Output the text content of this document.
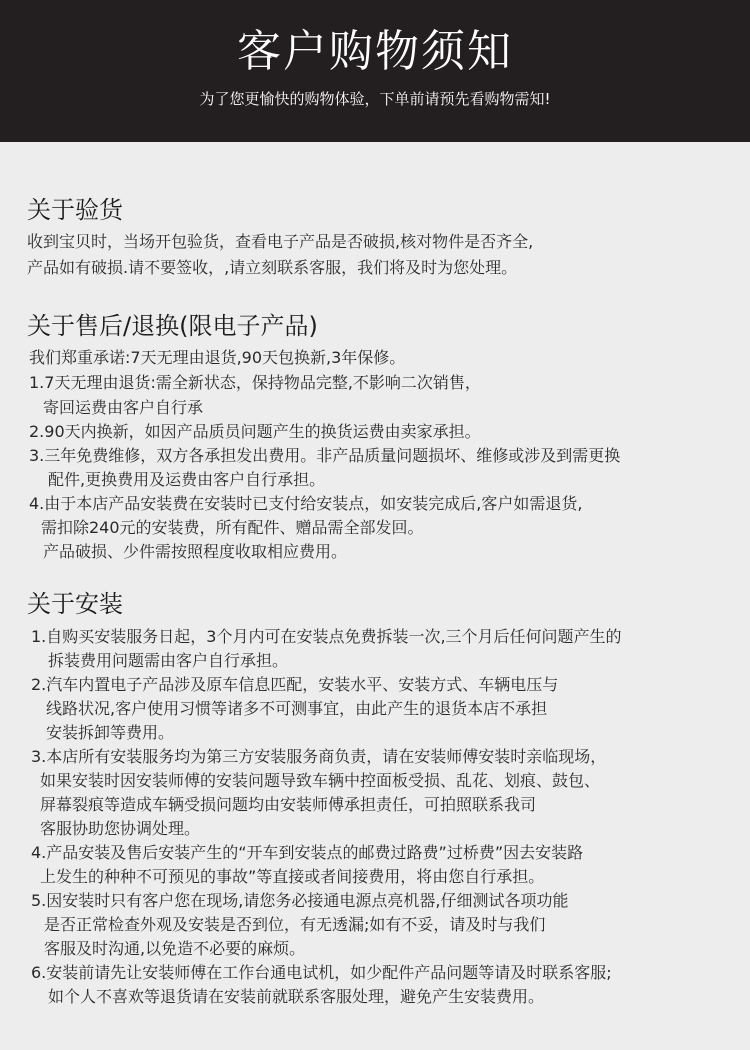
客户购物须知
为了您更愉快的购物体验，下单前请预先看购物需知!
关于验货
收到宝贝时，当场开包验货，查看电子产品是否破损,核对物件是否齐全,
产品如有破损.请不要签收，,请立刻联系客服，我们将及时为您处理。
关于售后/退换(限电子产品)
我们郑重承诺:7天无理由退货,90天包换新,3年保修。
1.7天无理由退货:需全新状态，保持物品完整,不影响二次销售，
寄回运费由客户自行承
2.90天内换新，如因产品质员问题产生的换货运费由卖家承担。
3.三年免费维修，双方各承担发出费用。非产品质量问题损坏、维修或涉及到需更换
配件,更换费用及运费由客户自行承担。
4.由于本店产品安装费在安装时已支付给安装点，如安装完成后,客户如需退货,
需扣除240元的安装费，所有配件、赠品需全部发回。
产品破损、少件需按照程度收取相应费用。
关于安装
1.自购买安装服务日起，3个月内可在安装点免费拆装一次,三个月后任何问题产生的
拆装费用问题需由客户自行承担。
2.汽车内置电子产品涉及原车信息匹配，安装水平、安装方式、车辆电压与
线路状况,客户使用习惯等诸多不可测事宜，由此产生的退货本店不承担
安装拆卸等费用。
3.本店所有安装服务均为第三方安装服务商负责，请在安装师傅安装时亲临现场，
如果安装时因安装师傅的安装问题导致车辆中控面板受损、乱花、划痕、鼓包、
屏幕裂痕等造成车辆受损问题均由安装师傅承担责任，可拍照联系我司
客服协助您协调处理。
4.产品安装及售后安装产生的“开车到安装点的邮费过路费”过桥费”因去安装路
上发生的种种不可预见的事故”等直接或者间接费用，将由您自行承担。
5.因安装时只有客户您在现场,请您务必接通电源点亮机器,仔细测试各项功能
是否正常检查外观及安装是否到位，有无透漏;如有不妥，请及时与我们
客服及时沟通,以免造不必要的麻烦。
6.安装前请先让安装师傅在工作台通电试机，如少配件产品问题等请及时联系客服;
如个人不喜欢等退货请在安装前就联系客服处理，避免产生安装费用。
